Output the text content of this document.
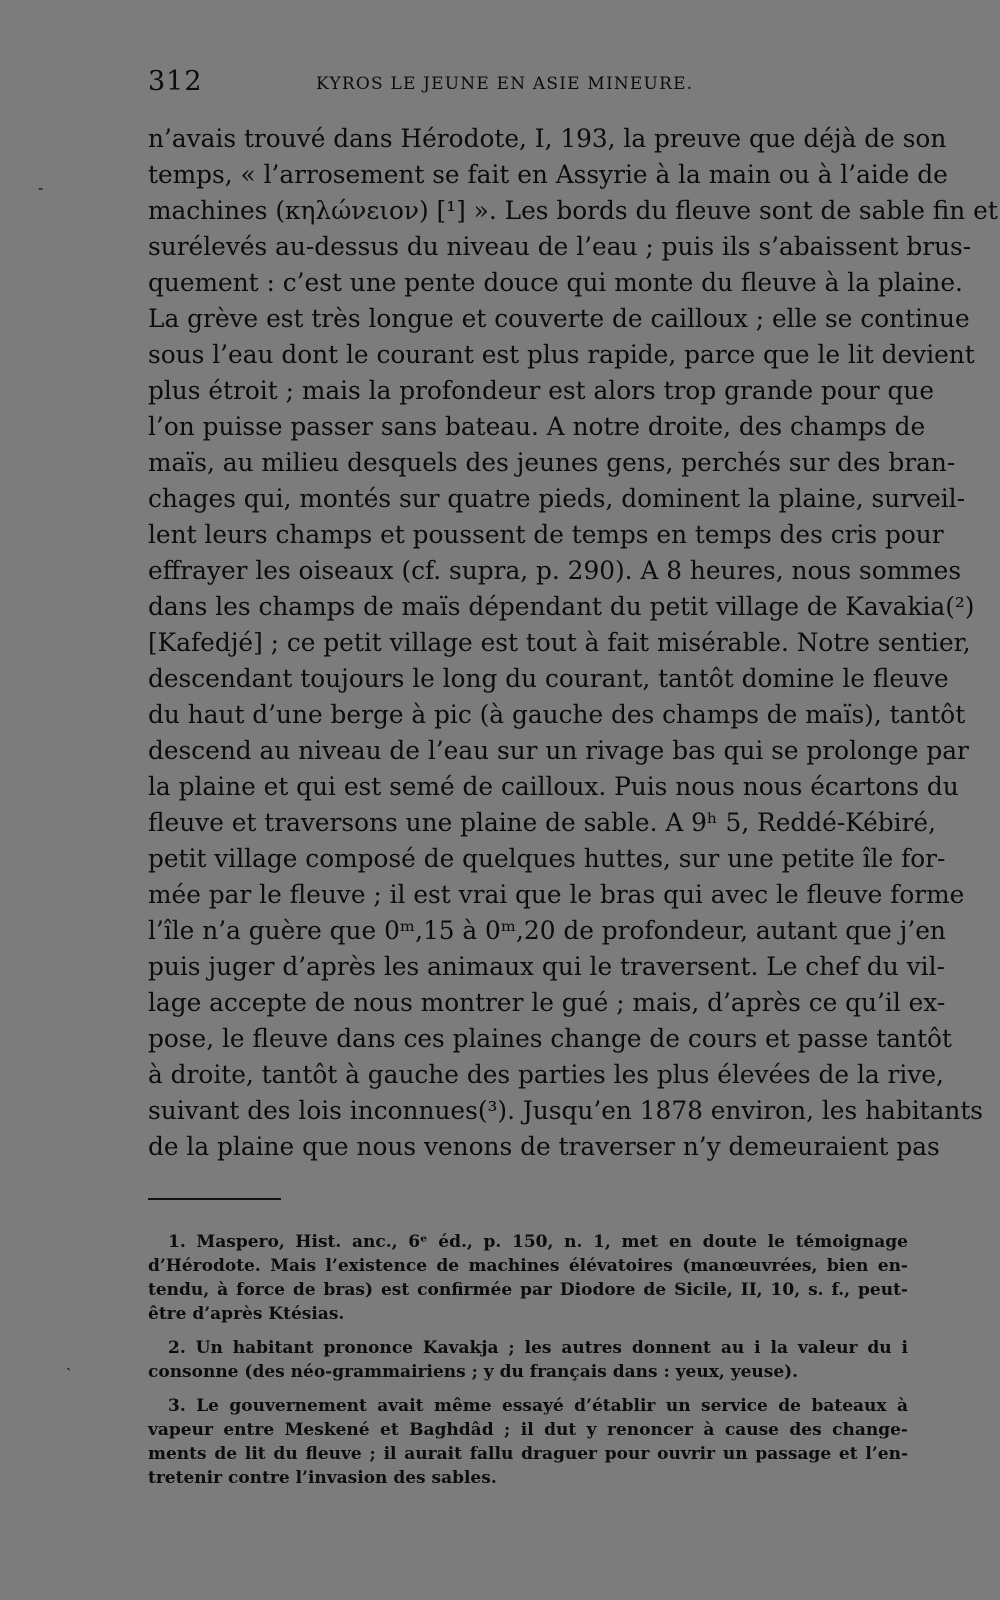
312	KYROS LE JEUNE EN ASIE MINEURE.
n’avais trouvé dans Hérodote, I, 193, la preuve que déjà de son
temps, « l’arrosement se fait en Assyrie à la main ou à l’aide de
machines (κηλώνειον) [¹] ». Les bords du fleuve sont de sable fin et
surélevés au-dessus du niveau de l’eau ; puis ils s’abaissent brus-
quement : c’est une pente douce qui monte du fleuve à la plaine.
La grève est très longue et couverte de cailloux ; elle se continue
sous l’eau dont le courant est plus rapide, parce que le lit devient
plus étroit ; mais la profondeur est alors trop grande pour que
l’on puisse passer sans bateau. A notre droite, des champs de
maïs, au milieu desquels des jeunes gens, perchés sur des bran-
chages qui, montés sur quatre pieds, dominent la plaine, surveil-
lent leurs champs et poussent de temps en temps des cris pour
effrayer les oiseaux (cf. supra, p. 290). A 8 heures, nous sommes
dans les champs de maïs dépendant du petit village de Kavakia(²)
[Kafedjé] ; ce petit village est tout à fait misérable. Notre sentier,
descendant toujours le long du courant, tantôt domine le fleuve
du haut d’une berge à pic (à gauche des champs de maïs), tantôt
descend au niveau de l’eau sur un rivage bas qui se prolonge par
la plaine et qui est semé de cailloux. Puis nous nous écartons du
fleuve et traversons une plaine de sable. A 9ʰ 5, Reddé-Kébiré,
petit village composé de quelques huttes, sur une petite île for-
mée par le fleuve ; il est vrai que le bras qui avec le fleuve forme
l’île n’a guère que 0ᵐ,15 à 0ᵐ,20 de profondeur, autant que j’en
puis juger d’après les animaux qui le traversent. Le chef du vil-
lage accepte de nous montrer le gué ; mais, d’après ce qu’il ex-
pose, le fleuve dans ces plaines change de cours et passe tantôt
à droite, tantôt à gauche des parties les plus élevées de la rive,
suivant des lois inconnues(³). Jusqu’en 1878 environ, les habitants
de la plaine que nous venons de traverser n’y demeuraient pas
1. Maspero, Hist. anc., 6ᵉ éd., p. 150, n. 1, met en doute le témoignage
d’Hérodote. Mais l’existence de machines élévatoires (manœuvrées, bien en-
tendu, à force de bras) est confirmée par Diodore de Sicile, II, 10, s. f., peut-
être d’après Ktésias.
2. Un habitant prononce Kavakja ; les autres donnent au i la valeur du i
consonne (des néo-grammairiens ; y du français dans : yeux, yeuse).
3. Le gouvernement avait même essayé d’établir un service de bateaux à
vapeur entre Meskené et Baghdâd ; il dut y renoncer à cause des change-
ments de lit du fleuve ; il aurait fallu draguer pour ouvrir un passage et l’en-
tretenir contre l’invasion des sables.
-
ˎ
